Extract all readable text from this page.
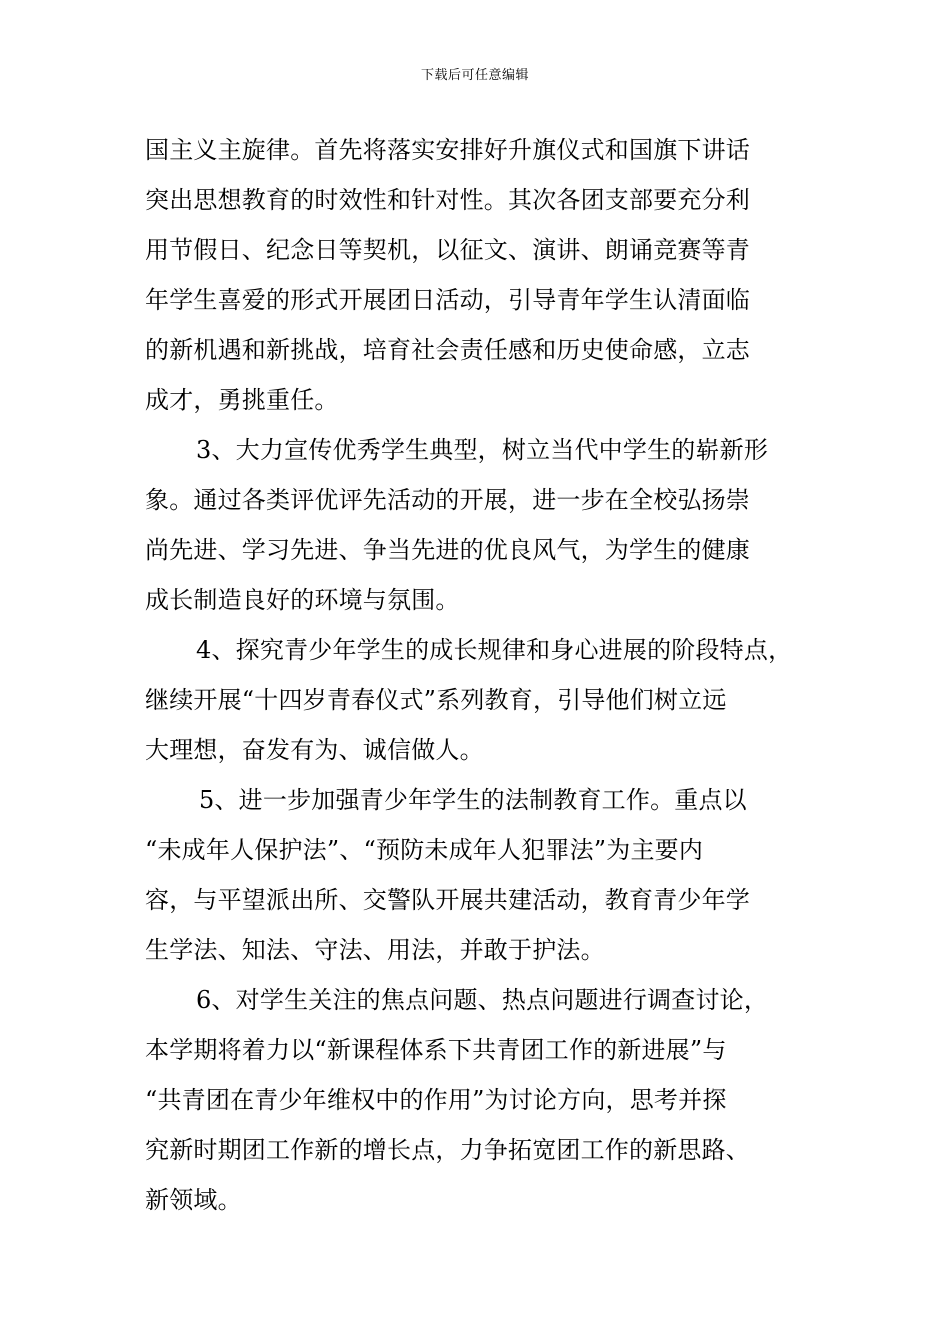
下载后可任意编辑
国主义主旋律。首先将落实安排好升旗仪式和国旗下讲话
突出思想教育的时效性和针对性。其次各团支部要充分利
用节假日、纪念日等契机，以征文、演讲、朗诵竞赛等青
年学生喜爱的形式开展团日活动，引导青年学生认清面临
的新机遇和新挑战，培育社会责任感和历史使命感，立志
成才，勇挑重任。
3、大力宣传优秀学生典型，树立当代中学生的崭新形
象。通过各类评优评先活动的开展，进一步在全校弘扬崇
尚先进、学习先进、争当先进的优良风气，为学生的健康
成长制造良好的环境与氛围。
4、探究青少年学生的成长规律和身心进展的阶段特点，
继续开展“十四岁青春仪式”系列教育，引导他们树立远
大理想，奋发有为、诚信做人。
5、进一步加强青少年学生的法制教育工作。重点以
“未成年人保护法”、“预防未成年人犯罪法”为主要内
容，与平望派出所、交警队开展共建活动，教育青少年学
生学法、知法、守法、用法，并敢于护法。
6、对学生关注的焦点问题、热点问题进行调查讨论，
本学期将着力以“新课程体系下共青团工作的新进展”与
“共青团在青少年维权中的作用”为讨论方向，思考并探
究新时期团工作新的增长点，力争拓宽团工作的新思路、
新领域。
